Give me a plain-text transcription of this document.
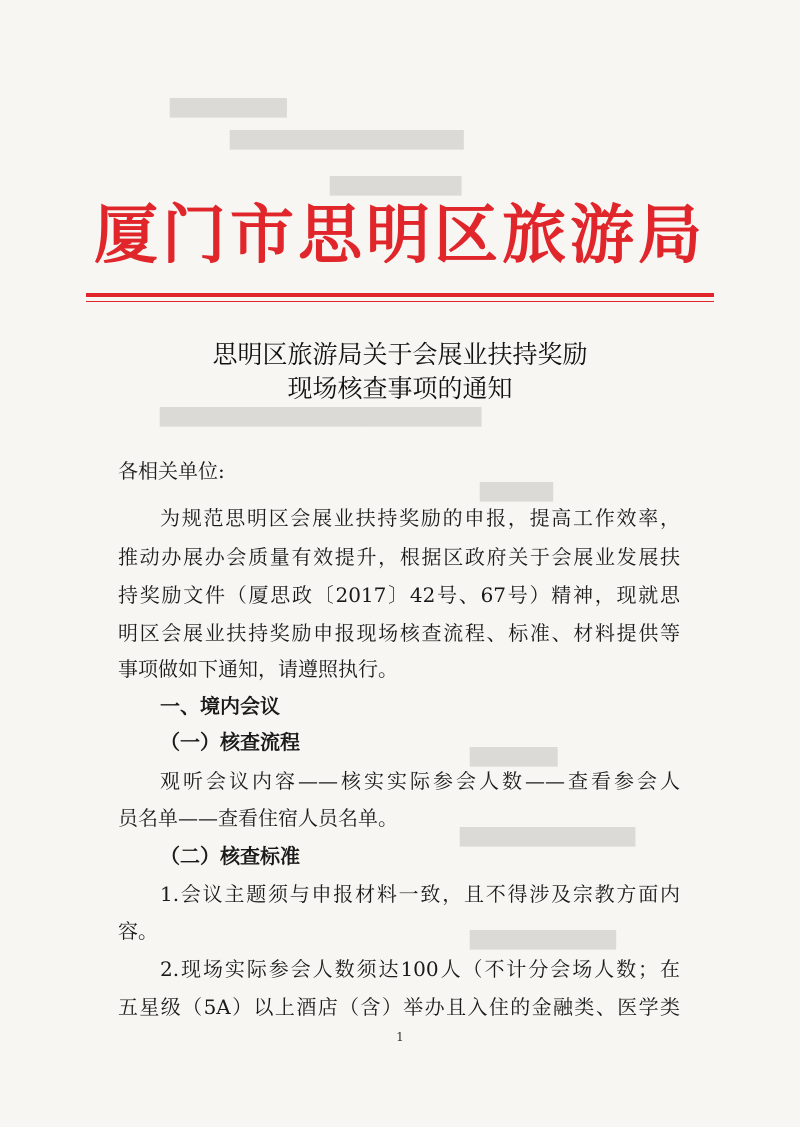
▇▇▇▇▇▇▇▇
▇▇▇▇▇▇▇▇▇▇▇▇▇▇▇▇
▇▇▇▇▇▇▇▇▇
▇▇▇▇▇▇▇▇▇▇▇▇▇▇▇▇▇▇▇▇▇▇
▇▇▇▇▇
▇▇▇▇▇▇
▇▇▇▇▇▇▇▇▇▇▇▇
▇▇▇▇▇▇▇▇▇▇
厦门市思明区旅游局
思明区旅游局关于会展业扶持奖励
现场核查事项的通知
各相关单位:
为规范思明区会展业扶持奖励的申报，提高工作效率，
推动办展办会质量有效提升，根据区政府关于会展业发展扶
持奖励文件（厦思政〔2017〕42号、67号）精神，现就思
明区会展业扶持奖励申报现场核查流程、标准、材料提供等
事项做如下通知，请遵照执行。
一、境内会议
（一）核查流程
观听会议内容——核实实际参会人数——查看参会人
员名单——查看住宿人员名单。
（二）核查标准
1.会议主题须与申报材料一致，且不得涉及宗教方面内
容。
2.现场实际参会人数须达100人（不计分会场人数；在
五星级（5A）以上酒店（含）举办且入住的金融类、医学类
1
